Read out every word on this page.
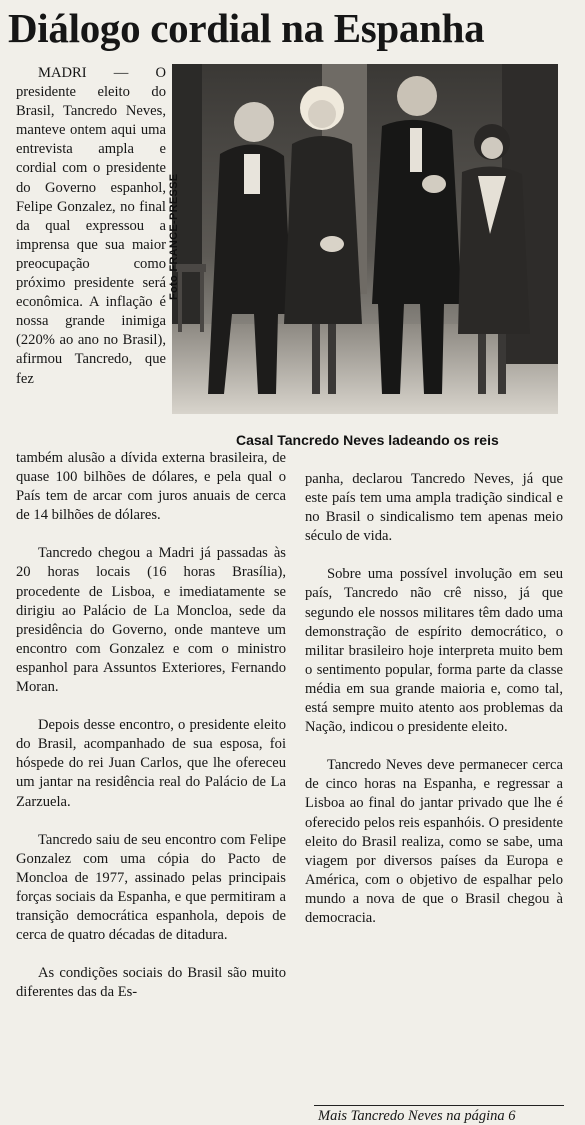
Diálogo cordial na Espanha
Foto FRANCE-PRESSE
Casal Tancredo Neves ladeando os reis

MADRI — O presidente eleito do Brasil, Tancredo Neves, manteve ontem aqui uma entrevista ampla e cordial com o presidente do Governo espanhol, Felipe Gonzalez, no final da qual expressou a imprensa que sua maior preocupação como próximo presidente será econômica. A inflação é nossa grande inimiga (220% ao ano no Brasil), afirmou Tancredo, que fez

também alusão a dívida externa brasileira, de quase 100 bilhões de dólares, e pela qual o País tem de arcar com juros anuais de cerca de 14 bilhões de dólares.

Tancredo chegou a Madri já passadas às 20 horas locais (16 horas Brasília), procedente de Lisboa, e imediatamente se dirigiu ao Palácio de La Moncloa, sede da presidência do Governo, onde manteve um encontro com Gonzalez e com o ministro espanhol para Assuntos Exteriores, Fernando Moran.

Depois desse encontro, o presidente eleito do Brasil, acompanhado de sua esposa, foi hóspede do rei Juan Carlos, que lhe ofereceu um jantar na residência real do Palácio de La Zarzuela.

Tancredo saiu de seu encontro com Felipe Gonzalez com uma cópia do Pacto de Moncloa de 1977, assinado pelas principais forças sociais da Espanha, e que permitiram a transição democrática espanhola, depois de cerca de quatro décadas de ditadura.

As condições sociais do Brasil são muito diferentes das da Es-

panha, declarou Tancredo Neves, já que este país tem uma ampla tradição sindical e no Brasil o sindicalismo tem apenas meio século de vida.

Sobre uma possível involução em seu país, Tancredo não crê nisso, já que segundo ele nossos militares têm dado uma demonstração de espírito democrático, o militar brasileiro hoje interpreta muito bem o sentimento popular, forma parte da classe média em sua grande maioria e, como tal, está sempre muito atento aos problemas da Nação, indicou o presidente eleito.

Tancredo Neves deve permanecer cerca de cinco horas na Espanha, e regressar a Lisboa ao final do jantar privado que lhe é oferecido pelos reis espanhóis. O presidente eleito do Brasil realiza, como se sabe, uma viagem por diversos países da Europa e América, com o objetivo de espalhar pelo mundo a nova de que o Brasil chegou à democracia.

Mais Tancredo Neves na página 6
